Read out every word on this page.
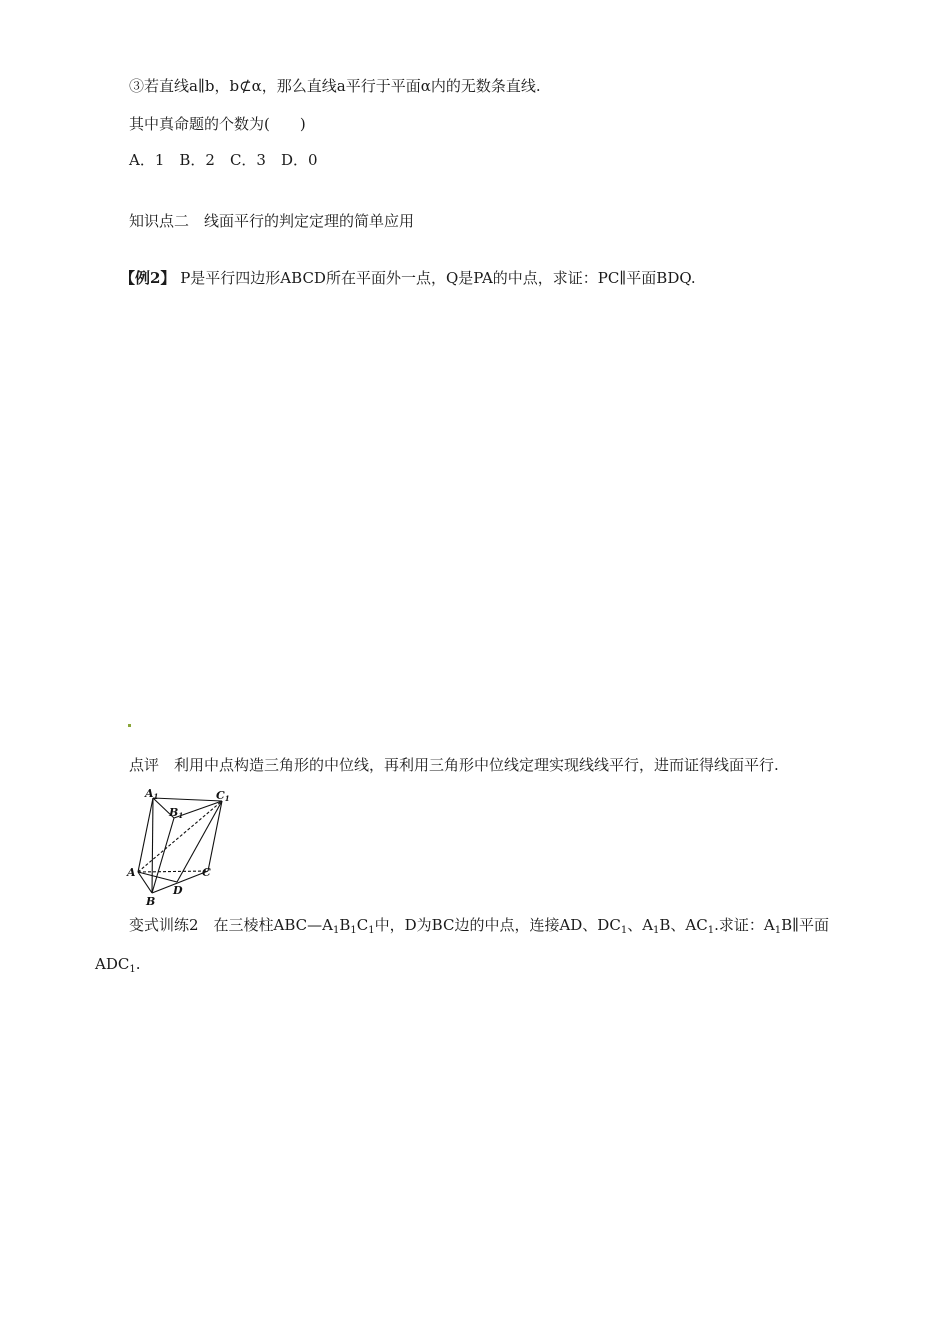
③若直线a∥b，b⊄α，那么直线a平行于平面α内的无数条直线.
其中真命题的个数为(　　)
A．1　B．2　C．3　D．0
知识点二　线面平行的判定定理的简单应用
【例2】 P是平行四边形ABCD所在平面外一点，Q是PA的中点，求证：PC∥平面BDQ.
点评　利用中点构造三角形的中位线，再利用三角形中位线定理实现线线平行，进而证得线面平行.
A1
B1
C1
A
B
C
D
变式训练2　在三棱柱$ABC—A_1B_1C_1$中，D为BC边的中点，连接AD、$DC_1$、$A_1B$、$AC_1$.求证：$A_1B\parallel$平面
$ADC_1$.
